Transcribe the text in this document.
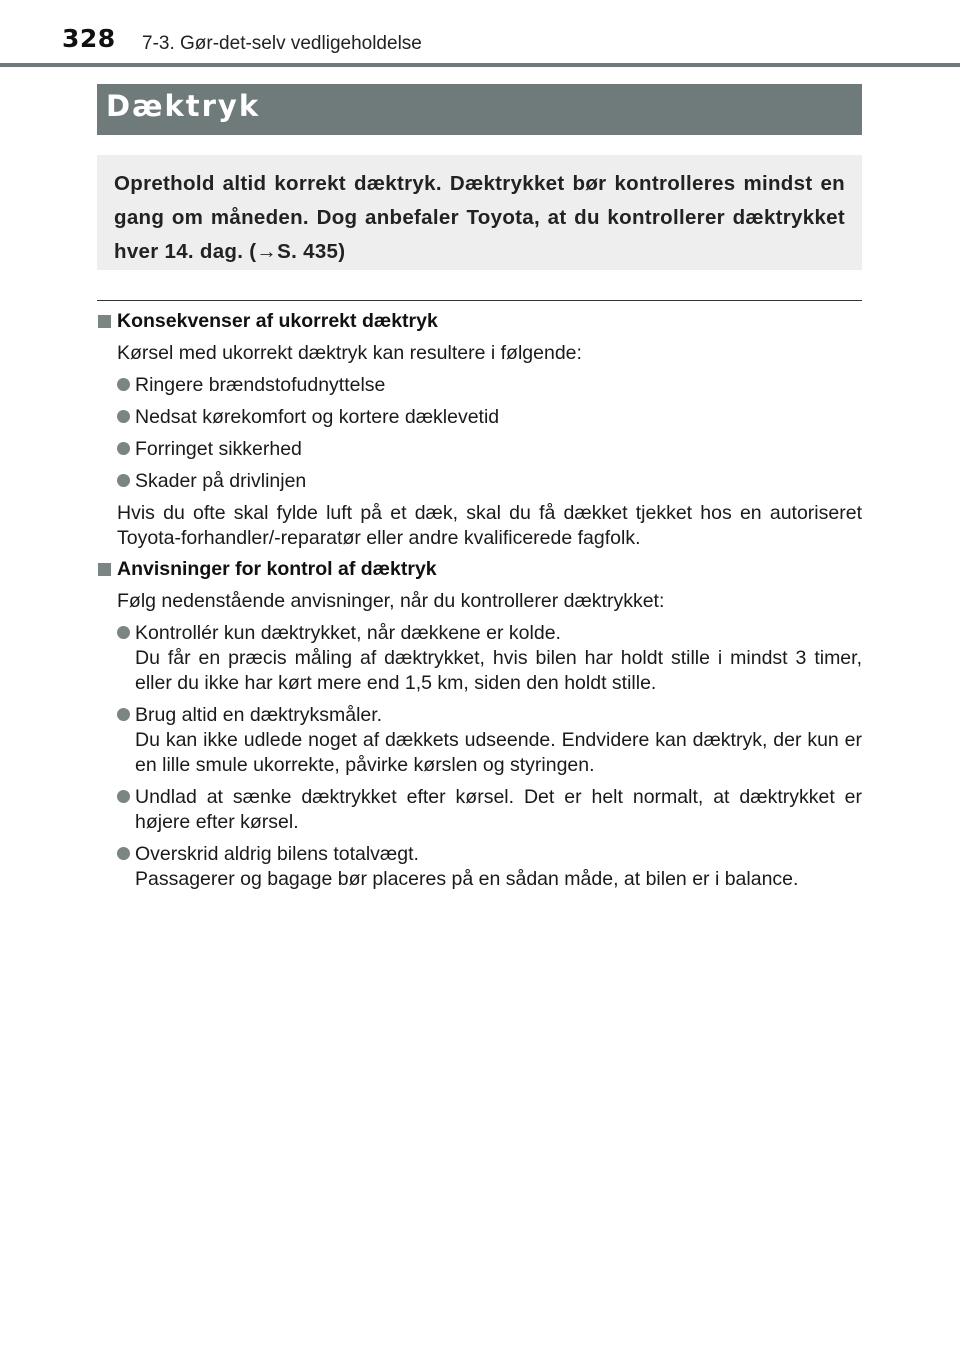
328 7-3. Gør-det-selv vedligeholdelse
Dæktryk

Oprethold altid korrekt dæktryk. Dæktrykket bør kontrolleres mindst en gang om måneden. Dog anbefaler Toyota, at du kontrollerer dæktrykket hver 14. dag. (→S. 435)

Konsekvenser af ukorrekt dæktryk
Kørsel med ukorrekt dæktryk kan resultere i følgende:
Ringere brændstofudnyttelse
Nedsat kørekomfort og kortere dæklevetid
Forringet sikkerhed
Skader på drivlinjen
Hvis du ofte skal fylde luft på et dæk, skal du få dækket tjekket hos en autoriseret Toyota-forhandler/-reparatør eller andre kvalificerede fagfolk.
Anvisninger for kontrol af dæktryk
Følg nedenstående anvisninger, når du kontrollerer dæktrykket:
Kontrollér kun dæktrykket, når dækkene er kolde.
Du får en præcis måling af dæktrykket, hvis bilen har holdt stille i mindst 3 timer, eller du ikke har kørt mere end 1,5 km, siden den holdt stille.
Brug altid en dæktryksmåler.
Du kan ikke udlede noget af dækkets udseende. Endvidere kan dæktryk, der kun er en lille smule ukorrekte, påvirke kørslen og styringen.
Undlad at sænke dæktrykket efter kørsel. Det er helt normalt, at dæktrykket er højere efter kørsel.
Overskrid aldrig bilens totalvægt.
Passagerer og bagage bør placeres på en sådan måde, at bilen er i balance.
